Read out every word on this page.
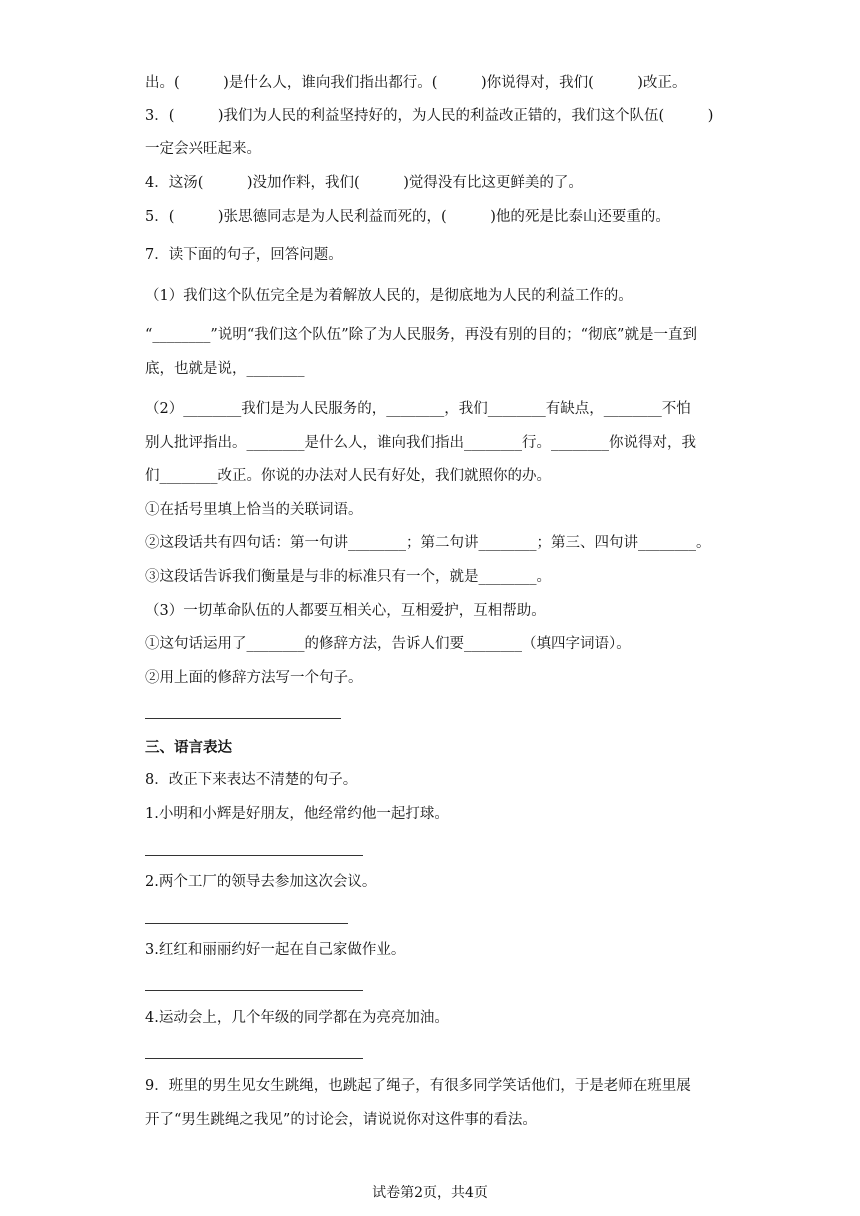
出。(　　　)是什么人，谁向我们指出都行。(　　　)你说得对，我们(　　　)改正。
3．(　　　)我们为人民的利益坚持好的，为人民的利益改正错的，我们这个队伍(　　　)
一定会兴旺起来。
4．这汤(　　　)没加作料，我们(　　　)觉得没有比这更鲜美的了。
5．(　　　)张思德同志是为人民利益而死的，(　　　)他的死是比泰山还要重的。
7．读下面的句子，回答问题。
（1）我们这个队伍完全是为着解放人民的，是彻底地为人民的利益工作的。
“________”说明“我们这个队伍”除了为人民服务，再没有别的目的；“彻底”就是一直到
底，也就是说，________
（2）________我们是为人民服务的，________，我们________有缺点，________不怕
别人批评指出。________是什么人，谁向我们指出________行。________你说得对，我
们________改正。你说的办法对人民有好处，我们就照你的办。
①在括号里填上恰当的关联词语。
②这段话共有四句话：第一句讲________；第二句讲________；第三、四句讲________。
③这段话告诉我们衡量是与非的标准只有一个，就是________。
（3）一切革命队伍的人都要互相关心，互相爱护，互相帮助。
①这句话运用了________的修辞方法，告诉人们要________（填四字词语）。
②用上面的修辞方法写一个句子。
三、语言表达
8．改正下来表达不清楚的句子。
1.小明和小辉是好朋友，他经常约他一起打球。
2.两个工厂的领导去参加这次会议。
3.红红和丽丽约好一起在自己家做作业。
4.运动会上，几个年级的同学都在为亮亮加油。
9．班里的男生见女生跳绳，也跳起了绳子，有很多同学笑话他们，于是老师在班里展
开了“男生跳绳之我见”的讨论会，请说说你对这件事的看法。
试卷第2页，共4页
